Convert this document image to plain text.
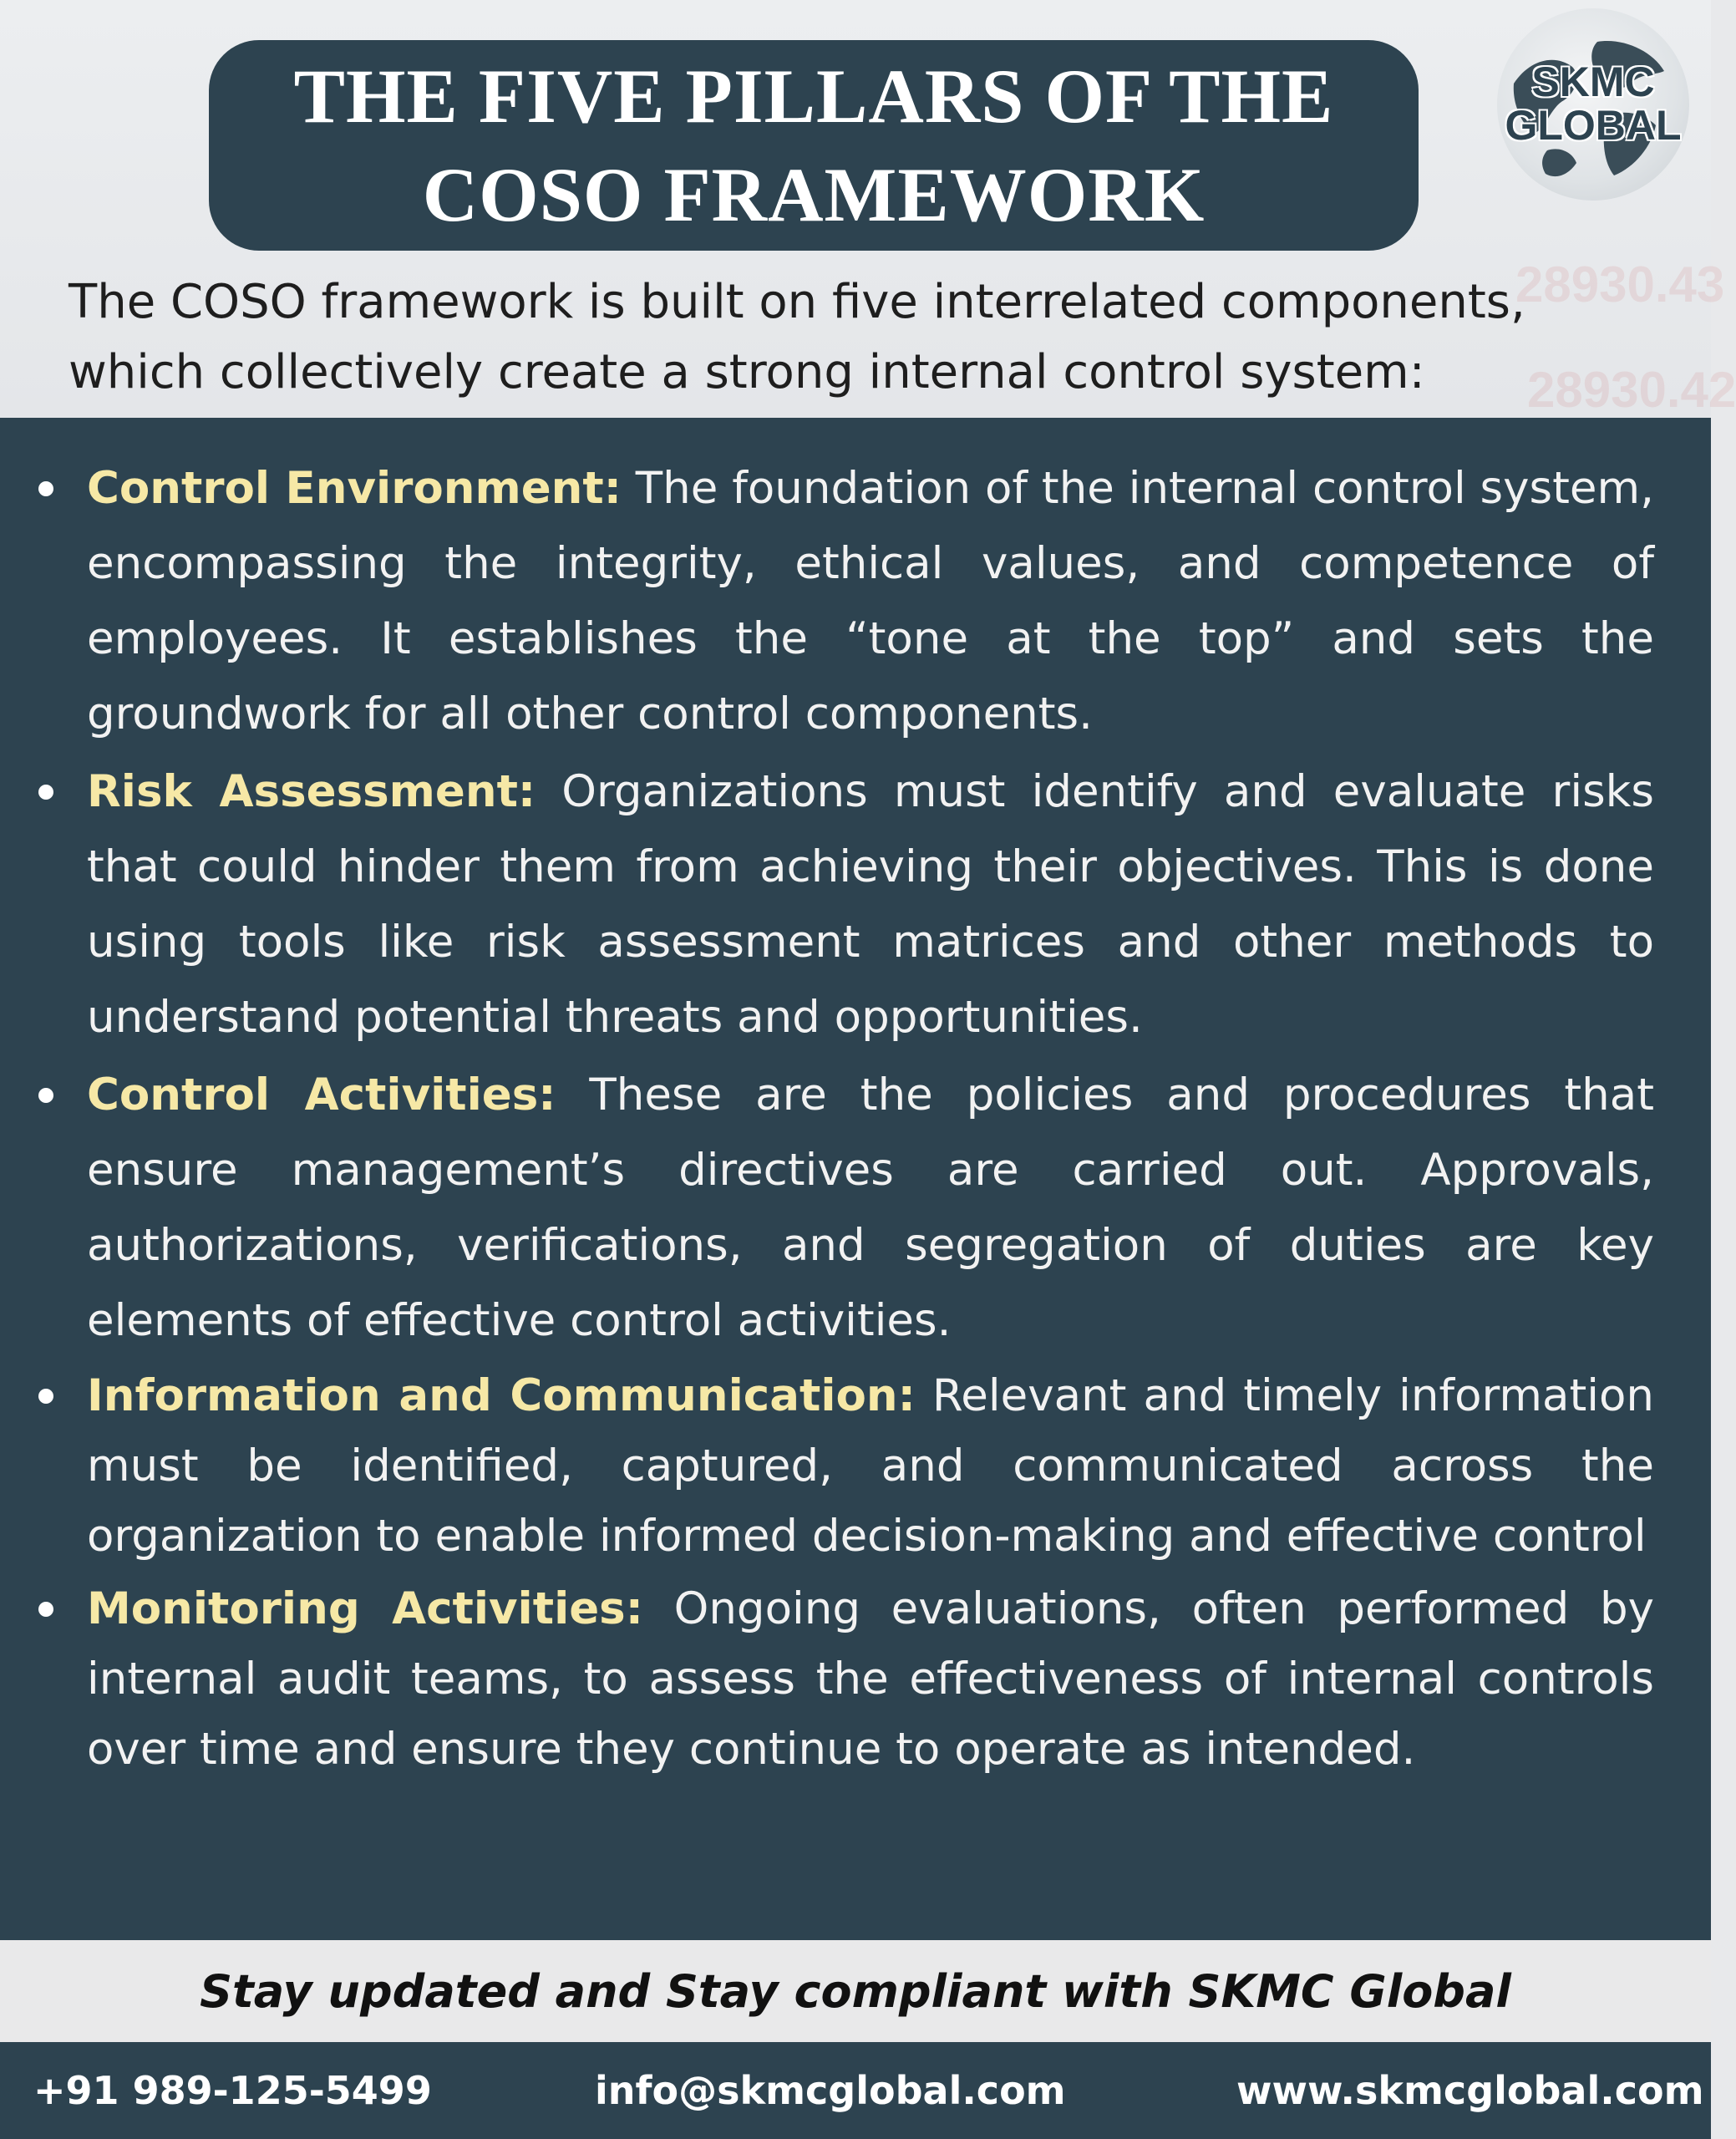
28930.43
28930.42
THE FIVE PILLARS OF THE
COSO FRAMEWORK
SKMC
GLOBAL
The COSO framework is built on five interrelated components, which collectively create a strong internal control system:
Control Environment: The foundation of the internal control system, encompassing the integrity, ethical values, and competence of employees. It establishes the “tone at the top” and sets the groundwork for all other control components.
Risk Assessment: Organizations must identify and evaluate risks that could hinder them from achieving their objectives. This is done using tools like risk assessment matrices and other methods to understand potential threats and opportunities.
Control Activities: These are the policies and procedures that ensure management’s directives are carried out. Approvals, authorizations, verifications, and segregation of duties are key elements of effective control activities.
Information and Communication: Relevant and timely information must be identified, captured, and communicated across the organization to enable informed decision-making and effective control
Monitoring Activities: Ongoing evaluations, often performed by internal audit teams, to assess the effectiveness of internal controls over time and ensure they continue to operate as intended.
Stay updated and Stay compliant with SKMC Global
+91 989-125-5499	info@skmcglobal.com	www.skmcglobal.com
